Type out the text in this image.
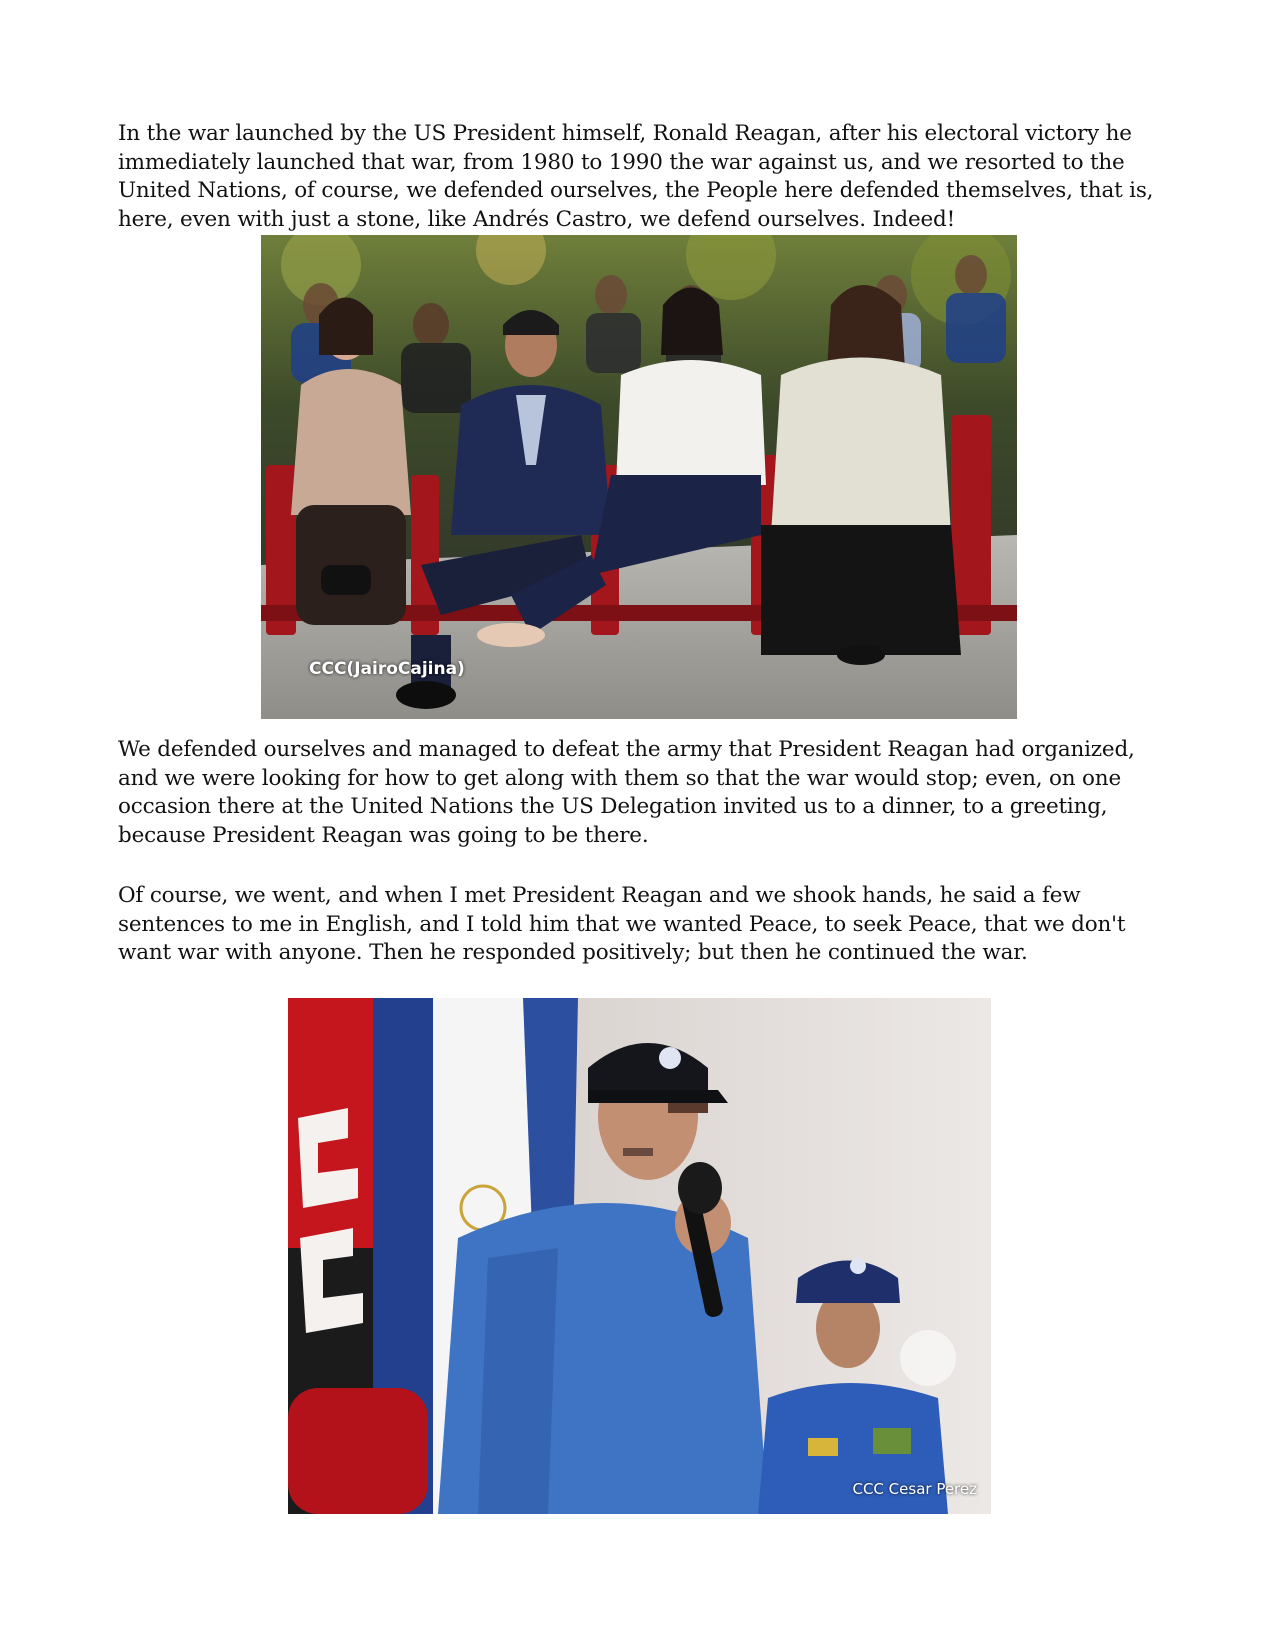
In the war launched by the US President himself, Ronald Reagan, after his electoral victory he immediately launched that war, from 1980 to 1990 the war against us, and we resorted to the United Nations, of course, we defended ourselves, the People here defended themselves, that is, here, even with just a stone, like Andrés Castro, we defend ourselves. Indeed!

CCC(JairoCajina)

We defended ourselves and managed to defeat the army that President Reagan had organized, and we were looking for how to get along with them so that the war would stop; even, on one occasion there at the United Nations the US Delegation invited us to a dinner, to a greeting, because President Reagan was going to be there.

Of course, we went, and when I met President Reagan and we shook hands, he said a few sentences to me in English, and I told him that we wanted Peace, to seek Peace, that we don't want war with anyone. Then he responded positively; but then he continued the war.

CCC Cesar Perez
